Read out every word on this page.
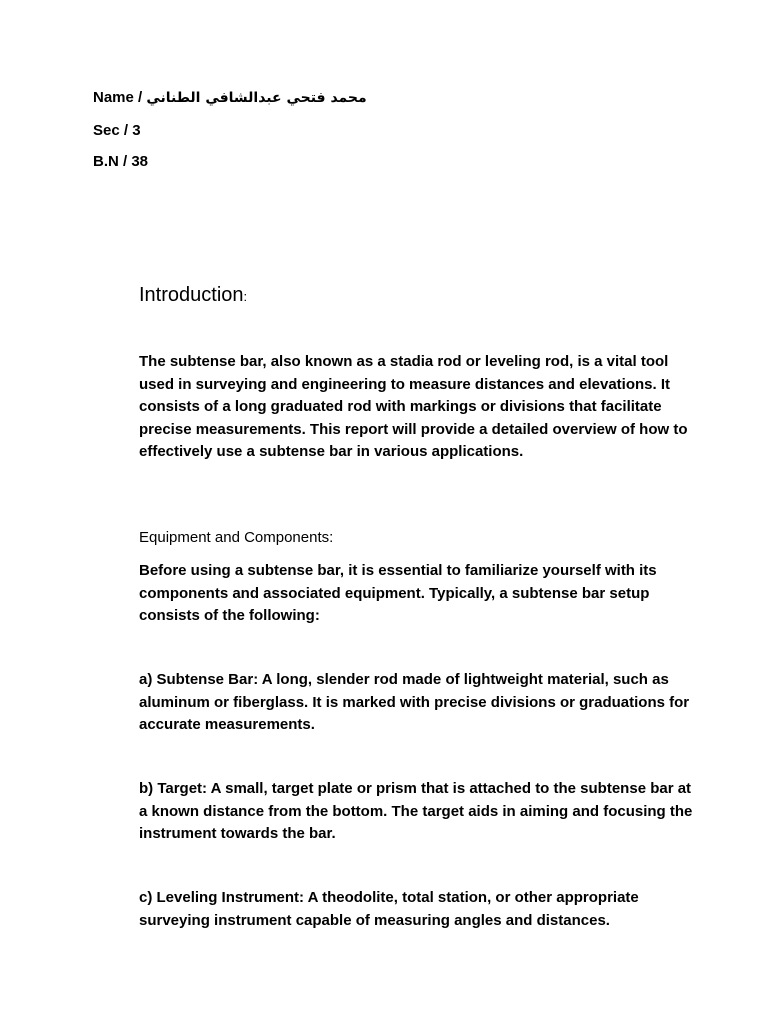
Name / محمد فتحي عبدالشافي الطناني
Sec / 3
B.N / 38
Introduction:

The subtense bar, also known as a stadia rod or leveling rod, is a vital tool used in surveying and engineering to measure distances and elevations. It consists of a long graduated rod with markings or divisions that facilitate precise measurements. This report will provide a detailed overview of how to effectively use a subtense bar in various applications.

Equipment and Components:

Before using a subtense bar, it is essential to familiarize yourself with its components and associated equipment. Typically, a subtense bar setup consists of the following:

a) Subtense Bar: A long, slender rod made of lightweight material, such as aluminum or fiberglass. It is marked with precise divisions or graduations for accurate measurements.

b) Target: A small, target plate or prism that is attached to the subtense bar at a known distance from the bottom. The target aids in aiming and focusing the instrument towards the bar.

c) Leveling Instrument: A theodolite, total station, or other appropriate surveying instrument capable of measuring angles and distances.
